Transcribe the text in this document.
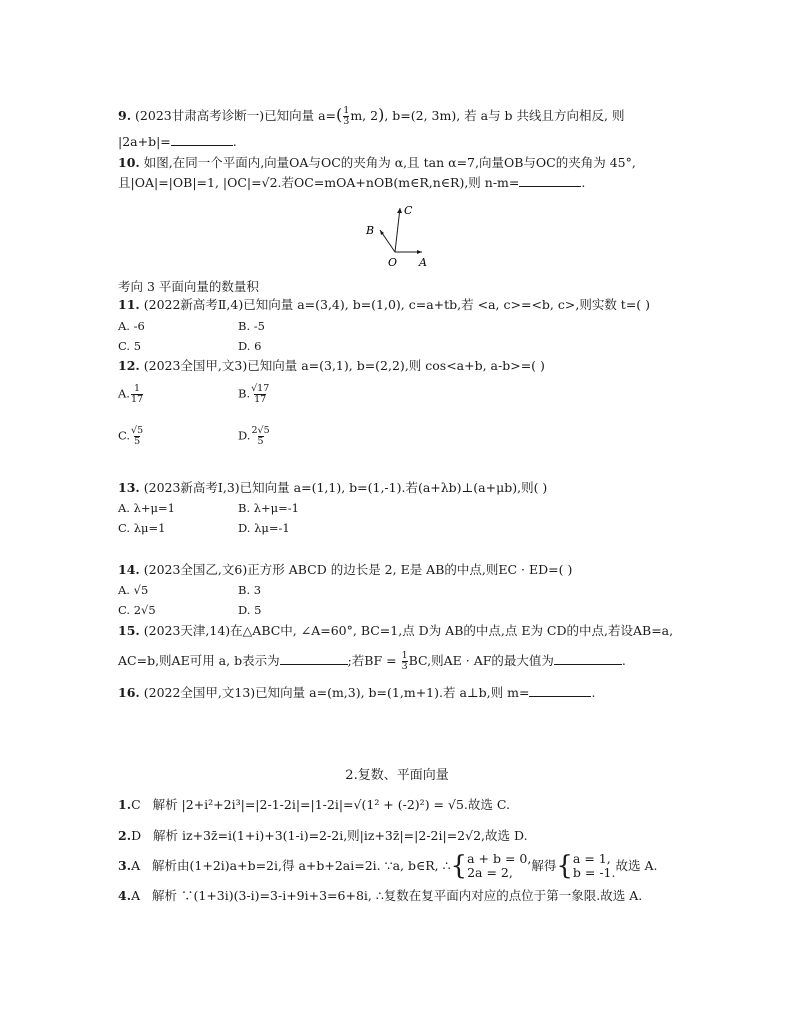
9. (2023甘肃高考诊断一)已知向量 $a=( \frac{1}{3} m$, 2), b=(2, 3m), 若 a与 b 共线且方向相反, 则
|2a+b|=	.
10. 如图,在同一个平面内,向量OA与OC的夹角为 α,且 tan α=7,向量OB与OC的夹角为 45°,
且|OA|=|OB|=1, |OC|=√2.若OC=mOA+nOB(m∈R,n∈R),则 n-m=	.
C
B
O A
考向 3 平面向量的数量积
11. (2022新高考Ⅱ,4)已知向量 a=(3,4), b=(1,0), c=a+tb,若 <a, c>=<b, c>,则实数 t=( )
A. -6	B. -5
C. 5	D. 6
12. (2023全国甲,文3)已知向量 a=(3,1), b=(2,2),则 cos<a+b, a-b>=( )
A. $\frac{1}{17}$	B. $\frac{√17}{17}$
C. $\frac{√5}{5}$	D. $\frac{2√5}{5}$
13. (2023新高考Ⅰ,3)已知向量 a=(1,1), b=(1,-1).若(a+λb)⊥(a+μb),则( )
A. λ+μ=1	B. λ+μ=-1
C. λμ=1	D. λμ=-1
14. (2023全国乙,文6)正方形 ABCD 的边长是 2, E是 AB的中点,则EC · ED=( )
A. √5	B. 3
C. 2√5	D. 5
15. (2023天津,14)在△ABC中, ∠A=60°, BC=1,点 D为 AB的中点,点 E为 CD的中点,若设AB=a,
AC=b,则AE可用 a, b表示为	;若BF = $\frac{1}{3}$ BC,则AE · AF的最大值为	.
16. (2022全国甲,文13)已知向量 a=(m,3), b=(1,m+1).若 a⊥b,则 m=	.
2.复数、平面向量
1.C 解析 |2+i²+2i³|=|2-1-2i|=|1-2i|=√(1² + (-2)²) = √5.故选 C.
2.D 解析 iz+3z̄=i(1+i)+3(1-i)=2-2i,则|iz+3z̄|=|2-2i|=2√2,故选 D.
3.A 解析由(1+2i)a+b=2i,得 a+b+2ai=2i. ∵a, b∈R, ∴{ a + b = 0,
2a = 2,	解得{ a = 1,
b = -1. 故选 A.
4.A 解析 ∵(1+3i)(3-i)=3-i+9i+3=6+8i, ∴复数在复平面内对应的点位于第一象限.故选 A.
